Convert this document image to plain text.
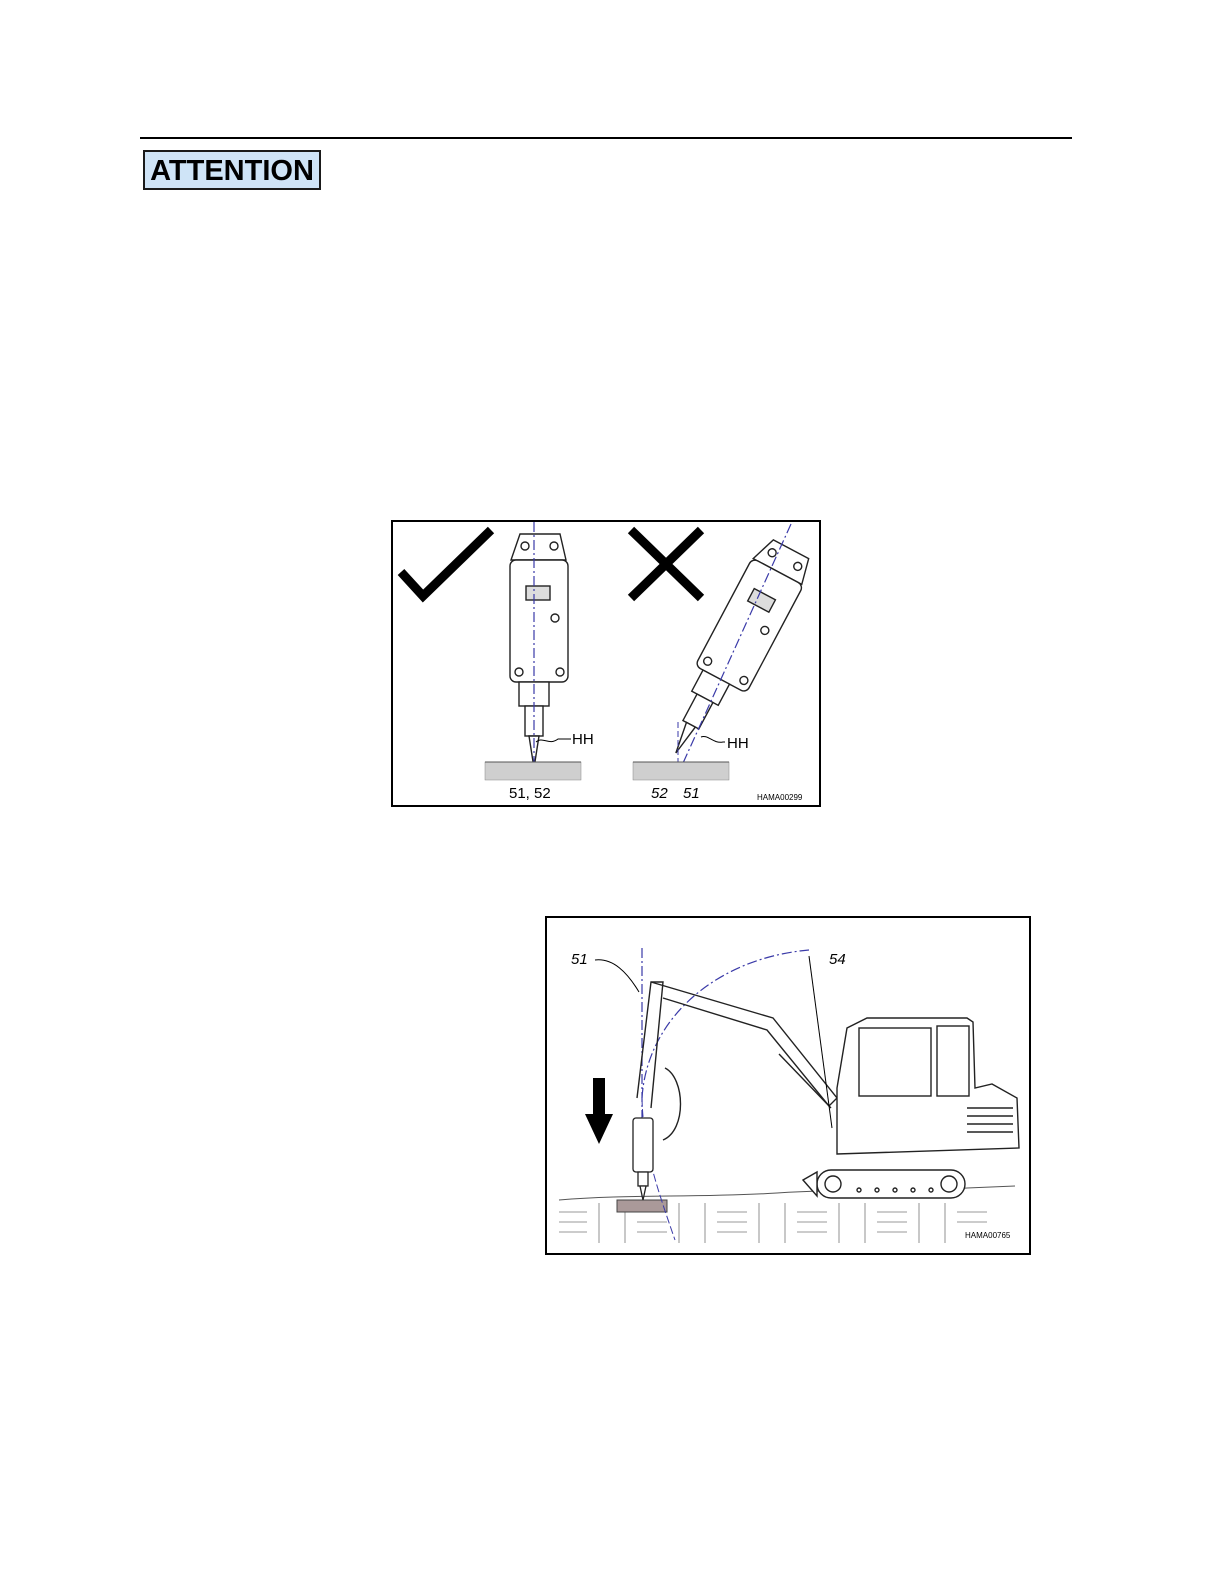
ATTENTION
HH	HH
51, 52	52 51	HAMA00299
51	54
HAMA00765
